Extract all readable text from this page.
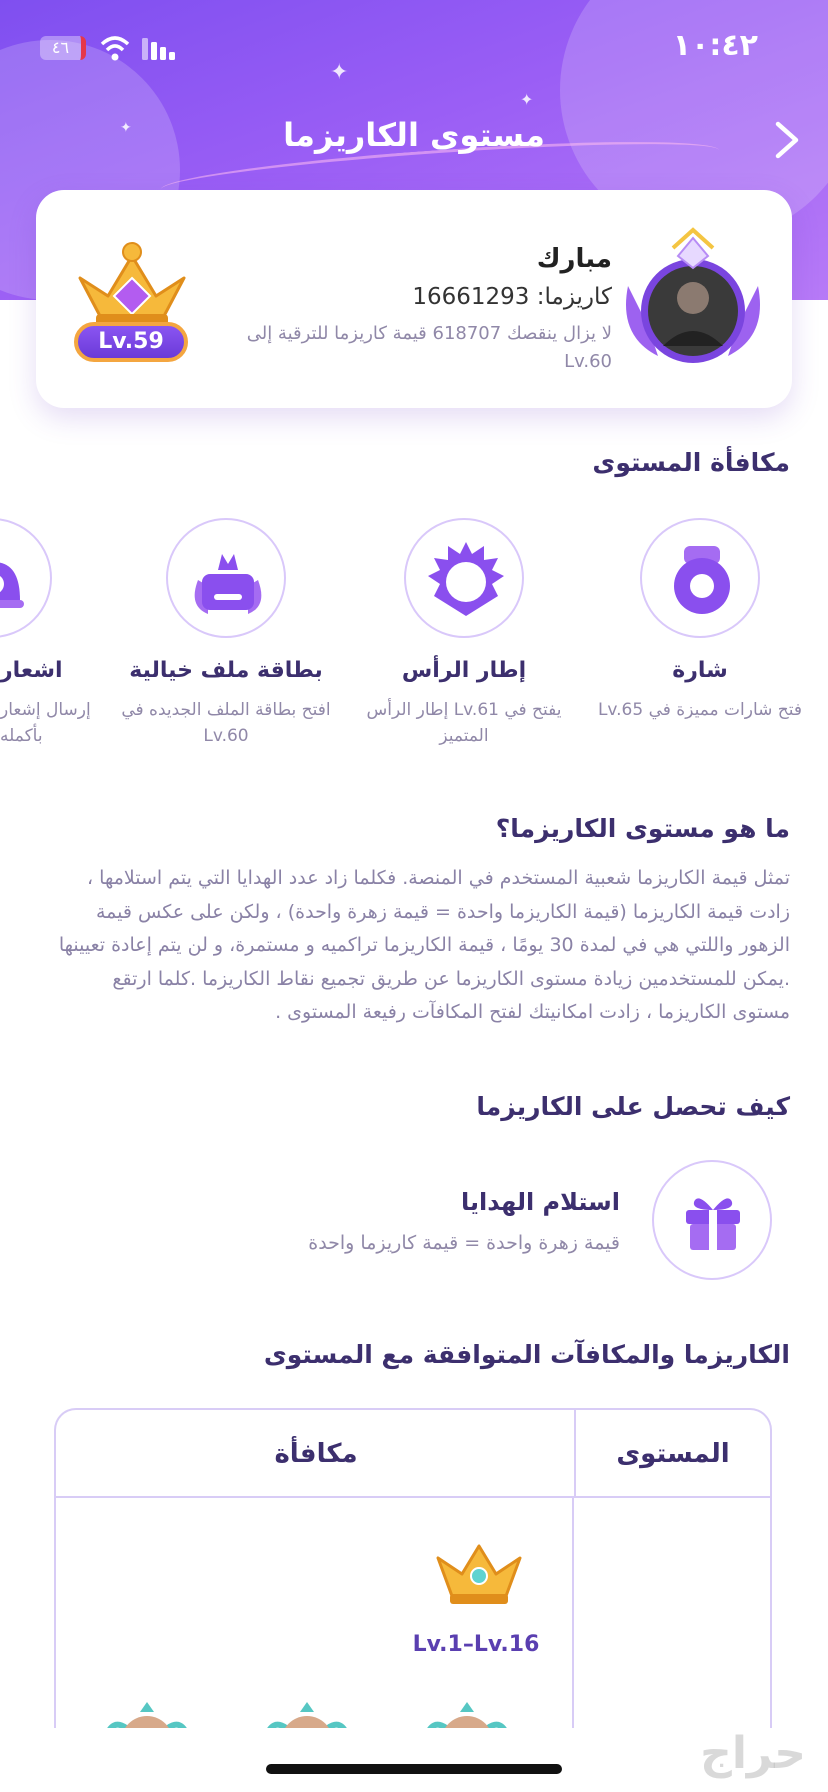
✦
✦
✦
٤٦	١٠:٤٢
مستوى الكاريزما
مبارك
كاريزما: 16661293
لا يزال ينقصك 618707 قيمة كاريزما للترقية إلى Lv.60
Lv.59
مكافأة المستوى
شارة
فتح شارات مميزة في Lv.65
إطار الرأس
يفتح في Lv.61 إطار الرأس المتميز
بطاقة ملف خيالية
افتح بطاقة الملف الجديده في Lv.60
اشعار
إرسال إشعار بأكمله
ما هو مستوى الكاريزما؟
تمثل قيمة الكاريزما شعبية المستخدم في المنصة. فكلما زاد عدد الهدايا التي يتم استلامها ، زادت قيمة الكاريزما (قيمة الكاريزما واحدة = قيمة زهرة واحدة) ، ولكن على عكس قيمة الزهور واللتي هي في لمدة 30 يومًا ، قيمة الكاريزما تراكميه و مستمرة، و لن يتم إعادة تعيينها .يمكن للمستخدمين زيادة مستوى الكاريزما عن طريق تجميع نقاط الكاريزما .كلما ارتقع مستوى الكاريزما ، زادت امكانيتك لفتح المكافآت رفيعة المستوى .
كيف تحصل على الكاريزما
استلام الهدايا
قيمة زهرة واحدة = قيمة كاريزما واحدة
الكاريزما والمكافآت المتوافقة مع المستوى
المستوى
مكافأة
Lv.1–Lv.16
حراج
